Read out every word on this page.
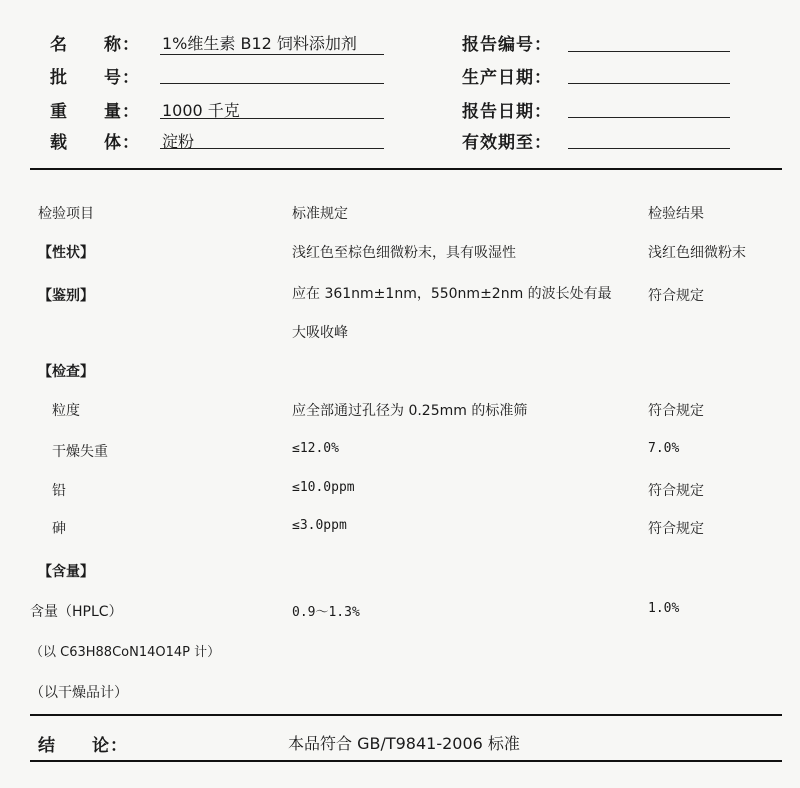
名　　称： 1%维生素 B12 饲料添加剂
批　　号：
重　　量： 1000 千克
载　　体： 淀粉
报告编号：
生产日期：
报告日期：
有效期至：
检验项目	标准规定	检验结果
【性状】	浅红色至棕色细微粉末，具有吸湿性	浅红色细微粉末
【鉴别】	应在 361nm±1nm，550nm±2nm 的波长处有最	符合规定
大吸收峰
【检查】
粒度	应全部通过孔径为 0.25mm 的标准筛	符合规定
干燥失重	≤12.0%	7.0%
铅	≤10.0ppm	符合规定
砷	≤3.0ppm	符合规定
【含量】
含量（HPLC）	0.9～1.3%	1.0%
（以 C63H88CoN14O14P 计）
（以干燥品计）
结　　论：	本品符合 GB/T9841-2006 标准
